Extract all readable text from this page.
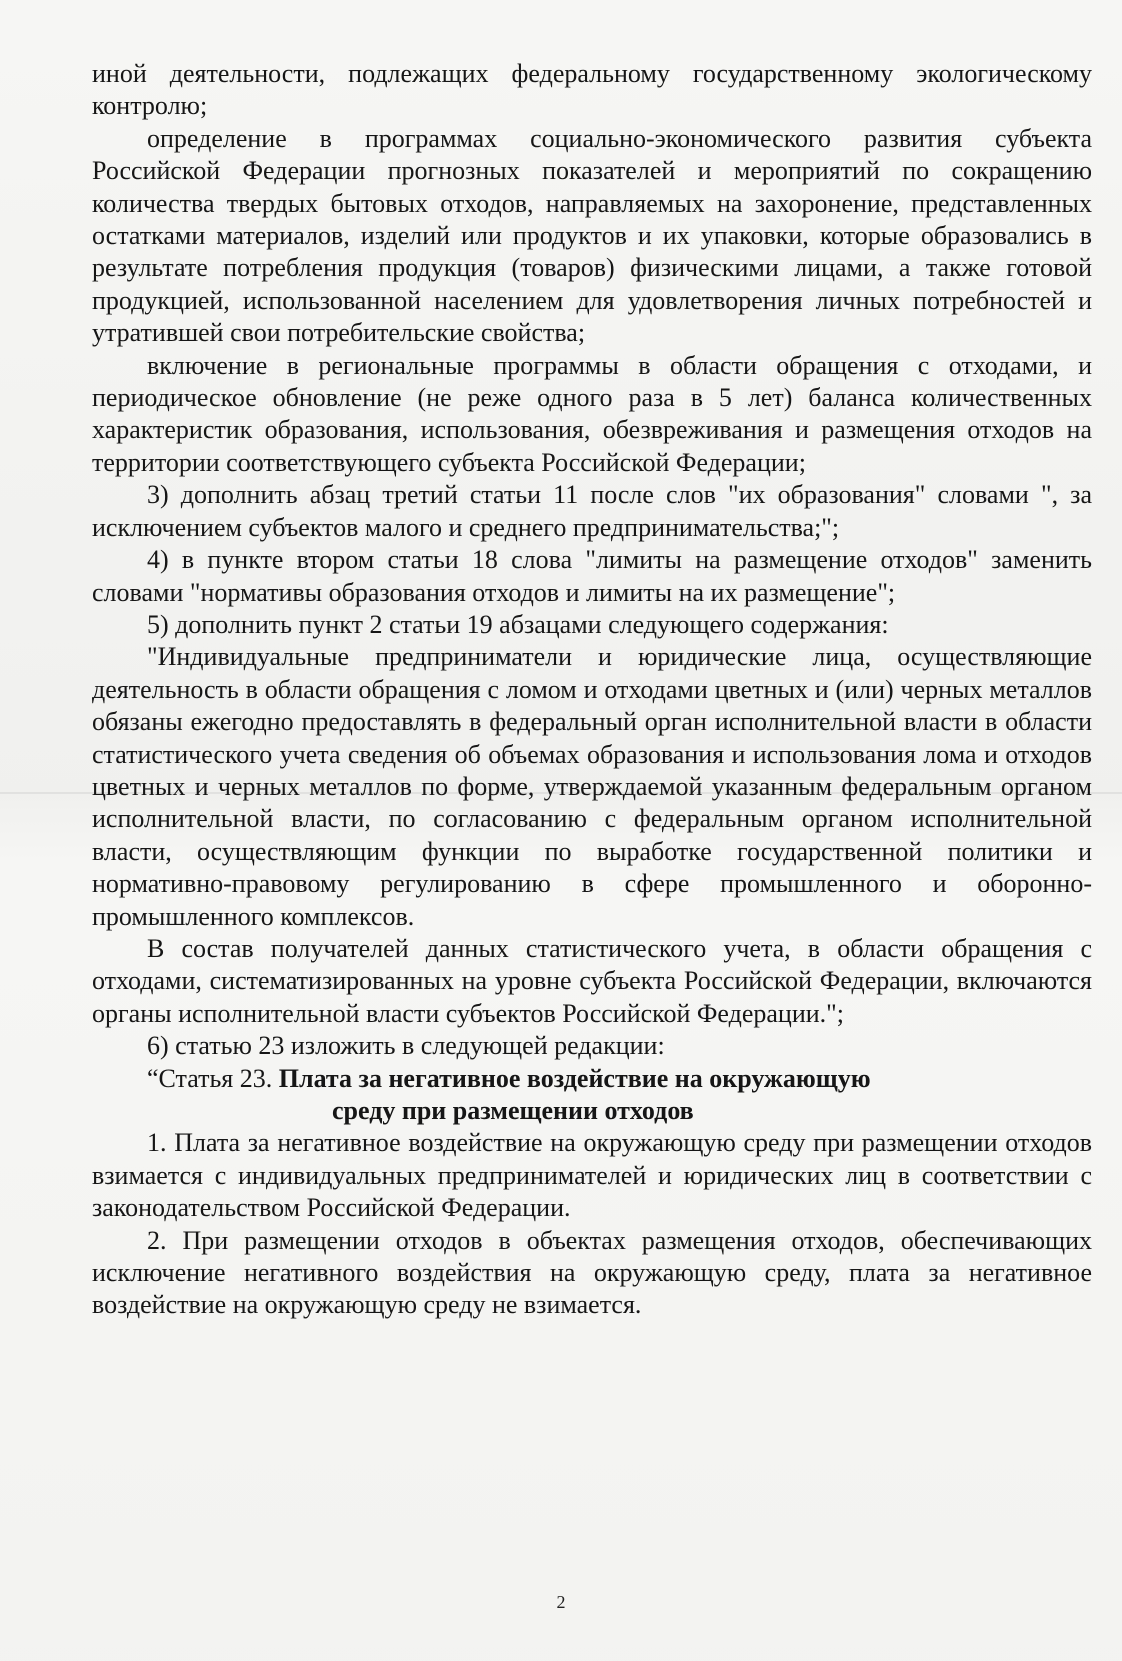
иной деятельности, подлежащих федеральному государственному экологическому контролю;

определение в программах социально-экономического развития субъекта Российской Федерации прогнозных показателей и мероприятий по сокращению количества твердых бытовых отходов, направляемых на захоронение, представленных остатками материалов, изделий или продуктов и их упаковки, которые образовались в результате потребления продукция (товаров) физическими лицами, а также готовой продукцией, использованной населением для удовлетворения личных потребностей и утратившей свои потребительские свойства;

включение в региональные программы в области обращения с отходами, и периодическое обновление (не реже одного раза в 5 лет) баланса количественных характеристик образования, использования, обезвреживания и размещения отходов на территории соответствующего субъекта Российской Федерации;

3) дополнить абзац третий статьи 11 после слов "их образования" словами ", за исключением субъектов малого и среднего предпринимательства;";

4) в пункте втором статьи 18 слова "лимиты на размещение отходов" заменить словами "нормативы образования отходов и лимиты на их размещение";

5) дополнить пункт 2 статьи 19 абзацами следующего содержания:

"Индивидуальные предприниматели и юридические лица, осуществляющие деятельность в области обращения с ломом и отходами цветных и (или) черных металлов обязаны ежегодно предоставлять в федеральный орган исполнительной власти в области статистического учета сведения об объемах образования и использования лома и отходов цветных и черных металлов по форме, утверждаемой указанным федеральным органом исполнительной власти, по согласованию с федеральным органом исполнительной власти, осуществляющим функции по выработке государственной политики и нормативно-правовому регулированию в сфере промышленного и оборонно-промышленного комплексов.

В состав получателей данных статистического учета, в области обращения с отходами, систематизированных на уровне субъекта Российской Федерации, включаются органы исполнительной власти субъектов Российской Федерации.";

6) статью 23 изложить в следующей редакции:

“Статья 23. Плата за негативное воздействие на окружающую

среду при размещении отходов

1. Плата за негативное воздействие на окружающую среду при размещении отходов взимается с индивидуальных предпринимателей и юридических лиц в соответствии с законодательством Российской Федерации.

2. При размещении отходов в объектах размещения отходов, обеспечивающих исключение негативного воздействия на окружающую среду, плата за негативное воздействие на окружающую среду не взимается.

2
